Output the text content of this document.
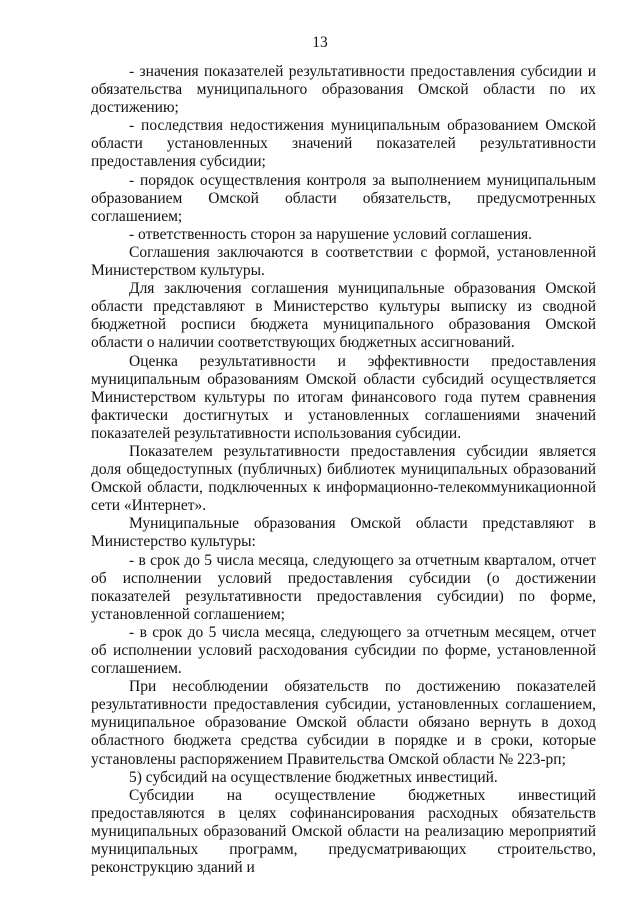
13

- значения показателей результативности предоставления субсидии и обязательства муниципального образования Омской области по их достижению;

- последствия недостижения муниципальным образованием Омской области установленных значений показателей результативности предоставления субсидии;

- порядок осуществления контроля за выполнением муниципальным образованием Омской области обязательств, предусмотренных соглашением;

- ответственность сторон за нарушение условий соглашения.

Соглашения заключаются в соответствии с формой, установленной Министерством культуры.

Для заключения соглашения муниципальные образования Омской области представляют в Министерство культуры выписку из сводной бюджетной росписи бюджета муниципального образования Омской области о наличии соответствующих бюджетных ассигнований.

Оценка результативности и эффективности предоставления муниципальным образованиям Омской области субсидий осуществляется Министерством культуры по итогам финансового года путем сравнения фактически достигнутых и установленных соглашениями значений показателей результативности использования субсидии.

Показателем результативности предоставления субсидии является доля общедоступных (публичных) библиотек муниципальных образований Омской области, подключенных к информационно-телекоммуникационной сети «Интернет».

Муниципальные образования Омской области представляют в Министерство культуры:

- в срок до 5 числа месяца, следующего за отчетным кварталом, отчет об исполнении условий предоставления субсидии (о достижении показателей результативности предоставления субсидии) по форме, установленной соглашением;

- в срок до 5 числа месяца, следующего за отчетным месяцем, отчет об исполнении условий расходования субсидии по форме, установленной соглашением.

При несоблюдении обязательств по достижению показателей результативности предоставления субсидии, установленных соглашением, муниципальное образование Омской области обязано вернуть в доход областного бюджета средства субсидии в порядке и в сроки, которые установлены распоряжением Правительства Омской области № 223-рп;

5) субсидий на осуществление бюджетных инвестиций.

Субсидии на осуществление бюджетных инвестиций предоставляются в целях софинансирования расходных обязательств муниципальных образований Омской области на реализацию мероприятий муниципальных программ, предусматривающих строительство, реконструкцию зданий и
